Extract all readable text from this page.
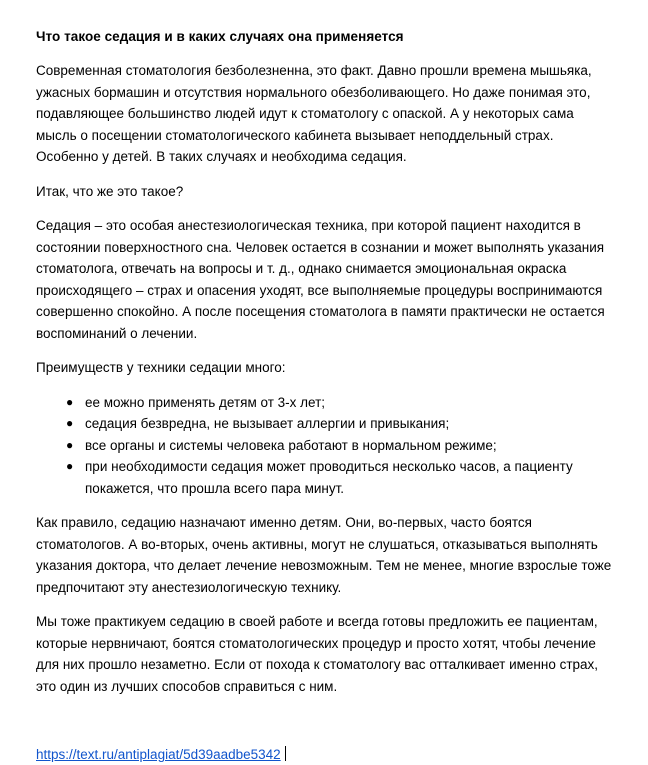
Что такое седация и в каких случаях она применяется

Современная стоматология безболезненна, это факт. Давно прошли времена мышьяка, ужасных бормашин и отсутствия нормального обезболивающего. Но даже понимая это, подавляющее большинство людей идут к стоматологу с опаской. А у некоторых сама мысль о посещении стоматологического кабинета вызывает неподдельный страх. Особенно у детей. В таких случаях и необходима седация.

Итак, что же это такое?

Седация – это особая анестезиологическая техника, при которой пациент находится в состоянии поверхностного сна. Человек остается в сознании и может выполнять указания стоматолога, отвечать на вопросы и т. д., однако снимается эмоциональная окраска происходящего – страх и опасения уходят, все выполняемые процедуры воспринимаются совершенно спокойно. А после посещения стоматолога в памяти практически не остается воспоминаний о лечении.

Преимуществ у техники седации много:

● ее можно применять детям от 3-х лет;
● седация безвредна, не вызывает аллергии и привыкания;
● все органы и системы человека работают в нормальном режиме;
● при необходимости седация может проводиться несколько часов, а пациенту покажется, что прошла всего пара минут.

Как правило, седацию назначают именно детям. Они, во-первых, часто боятся стоматологов. А во-вторых, очень активны, могут не слушаться, отказываться выполнять указания доктора, что делает лечение невозможным. Тем не менее, многие взрослые тоже предпочитают эту анестезиологическую технику.

Мы тоже практикуем седацию в своей работе и всегда готовы предложить ее пациентам, которые нервничают, боятся стоматологических процедур и просто хотят, чтобы лечение для них прошло незаметно. Если от похода к стоматологу вас отталкивает именно страх, это один из лучших способов справиться с ним.

https://text.ru/antiplagiat/5d39aadbe5342
